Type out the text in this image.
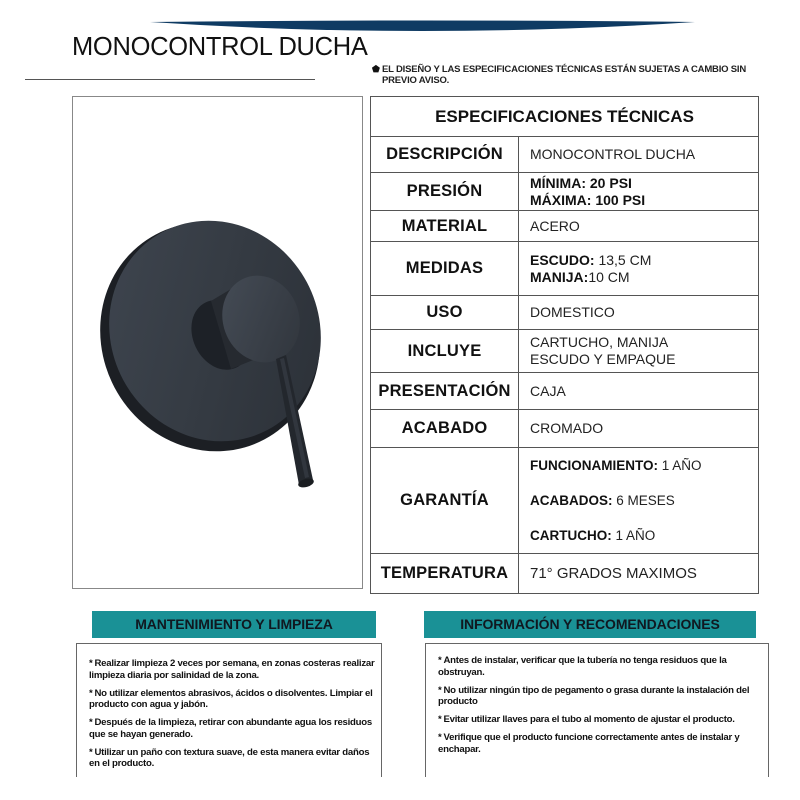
MONOCONTROL DUCHA
⬟ EL DISEÑO Y LAS ESPECIFICACIONES TÉCNICAS ESTÁN SUJETAS A CAMBIO SIN PREVIO AVISO.
ESPECIFICACIONES TÉCNICAS	
DESCRIPCIÓN	MONOCONTROL DUCHA
PRESIÓN	MÍNIMA: 20 PSI
MÁXIMA: 100 PSI

MATERIAL	ACERO
MEDIDAS	ESCUDO: 13,5 CM
MANIJA:10 CM

USO	DOMESTICO
INCLUYE	CARTUCHO, MANIJA
ESCUDO Y EMPAQUE

PRESENTACIÓN	CAJA
ACABADO	CROMADO
GARANTÍA	FUNCIONAMIENTO: 1 AÑO
ACABADOS: 6 MESES
CARTUCHO: 1 AÑO

TEMPERATURA	71° GRADOS MAXIMOS
MANTENIMIENTO Y LIMPIEZA	INFORMACIÓN Y RECOMENDACIONES
* Realizar limpieza 2 veces por semana, en zonas costeras realizar limpieza diaria por salinidad de la zona.
* No utilizar elementos abrasivos, ácidos o disolventes. Limpiar el producto con agua y jabón.
* Después de la limpieza, retirar con abundante agua los residuos que se hayan generado.
* Utilizar un paño con textura suave, de esta manera evitar daños en el producto.
* Antes de instalar, verificar que la tubería no tenga residuos que la obstruyan.
* No utilizar ningún tipo de pegamento o grasa durante la instalación del producto
* Evitar utilizar llaves para el tubo al momento de ajustar el producto.
* Verifique que el producto funcione correctamente antes de instalar y enchapar.
